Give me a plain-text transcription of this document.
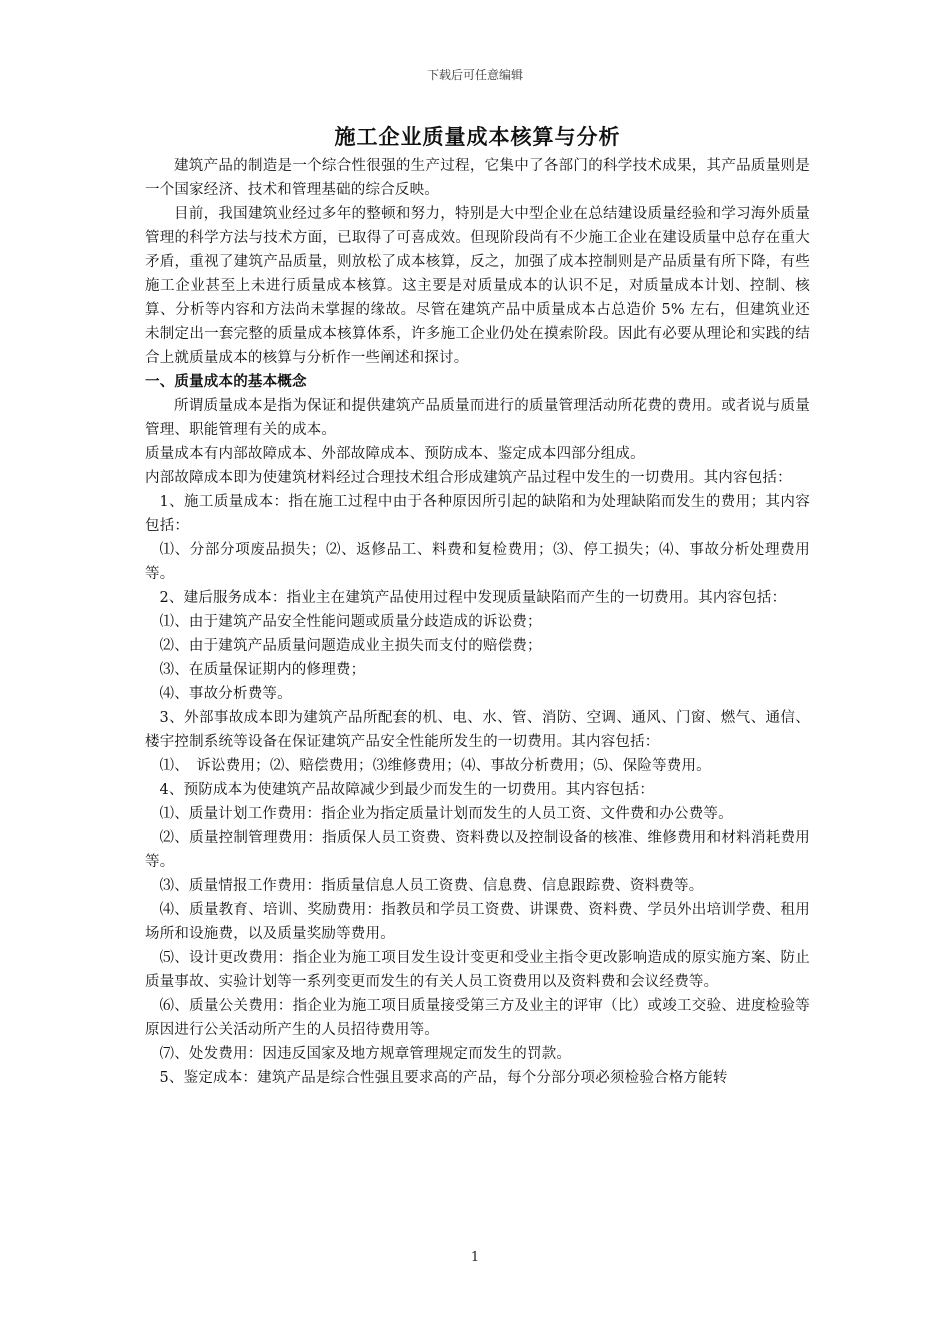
下载后可任意编辑
施工企业质量成本核算与分析

建筑产品的制造是一个综合性很强的生产过程，它集中了各部门的科学技术成果，其产品质量则是一个国家经济、技术和管理基础的综合反映。

目前，我国建筑业经过多年的整顿和努力，特别是大中型企业在总结建设质量经验和学习海外质量管理的科学方法与技术方面，已取得了可喜成效。但现阶段尚有不少施工企业在建设质量中总存在重大矛盾，重视了建筑产品质量，则放松了成本核算，反之，加强了成本控制则是产品质量有所下降，有些施工企业甚至上未进行质量成本核算。这主要是对质量成本的认识不足，对质量成本计划、控制、核算、分析等内容和方法尚未掌握的缘故。尽管在建筑产品中质量成本占总造价 5% 左右，但建筑业还未制定出一套完整的质量成本核算体系，许多施工企业仍处在摸索阶段。因此有必要从理论和实践的结合上就质量成本的核算与分析作一些阐述和探讨。

一、质量成本的基本概念

所谓质量成本是指为保证和提供建筑产品质量而进行的质量管理活动所花费的费用。或者说与质量管理、职能管理有关的成本。

质量成本有内部故障成本、外部故障成本、预防成本、鉴定成本四部分组成。

内部故障成本即为使建筑材料经过合理技术组合形成建筑产品过程中发生的一切费用。其内容包括：

1、施工质量成本：指在施工过程中由于各种原因所引起的缺陷和为处理缺陷而发生的费用；其内容包括：

⑴、分部分项废品损失；⑵、返修品工、料费和复检费用；⑶、停工损失；⑷、事故分析处理费用等。

2、建后服务成本：指业主在建筑产品使用过程中发现质量缺陷而产生的一切费用。其内容包括：

⑴、由于建筑产品安全性能问题或质量分歧造成的诉讼费；

⑵、由于建筑产品质量问题造成业主损失而支付的赔偿费；

⑶、在质量保证期内的修理费；

⑷、事故分析费等。

3、外部事故成本即为建筑产品所配套的机、电、水、管、消防、空调、通风、门窗、燃气、通信、楼宇控制系统等设备在保证建筑产品安全性能所发生的一切费用。其内容包括：

⑴、　诉讼费用；⑵、赔偿费用；⑶维修费用；⑷、事故分析费用；⑸、保险等费用。

4、预防成本为使建筑产品故障减少到最少而发生的一切费用。其内容包括：

⑴、质量计划工作费用：指企业为指定质量计划而发生的人员工资、文件费和办公费等。

⑵、质量控制管理费用：指质保人员工资费、资料费以及控制设备的核准、维修费用和材料消耗费用等。

⑶、质量情报工作费用：指质量信息人员工资费、信息费、信息跟踪费、资料费等。

⑷、质量教育、培训、奖励费用：指教员和学员工资费、讲课费、资料费、学员外出培训学费、租用场所和设施费，以及质量奖励等费用。

⑸、设计更改费用：指企业为施工项目发生设计变更和受业主指令更改影响造成的原实施方案、防止质量事故、实验计划等一系列变更而发生的有关人员工资费用以及资料费和会议经费等。

⑹、质量公关费用：指企业为施工项目质量接受第三方及业主的评审（比）或竣工交验、进度检验等原因进行公关活动所产生的人员招待费用等。

⑺、处发费用：因违反国家及地方规章管理规定而发生的罚款。

5、鉴定成本：建筑产品是综合性强且要求高的产品，每个分部分项必须检验合格方能转

1
